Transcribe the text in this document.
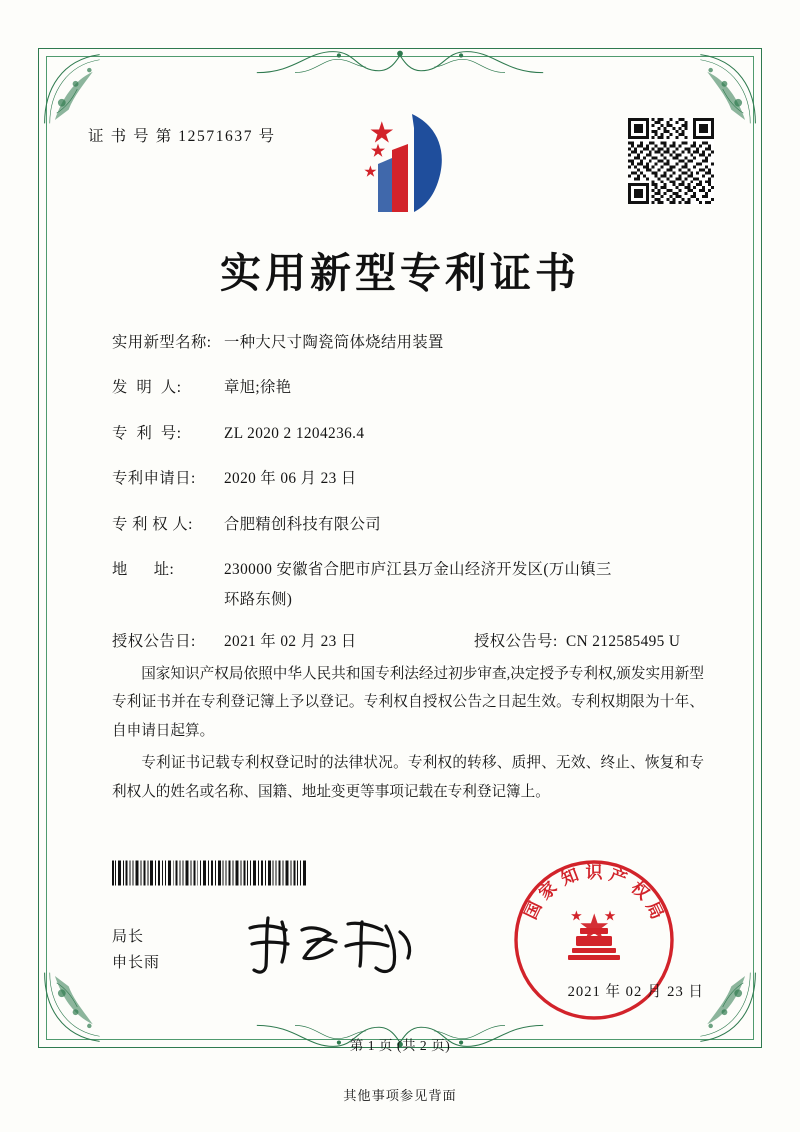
证 书 号 第 12571637 号
实用新型专利证书
实用新型名称: 一种大尺寸陶瓷筒体烧结用装置
发  明  人:	章旭;徐艳
专  利  号:	ZL 2020 2 1204236.4
专利申请日:	2020 年 06 月 23 日
专 利 权 人:	合肥精创科技有限公司
地      址:	230000 安徽省合肥市庐江县万金山经济开发区(万山镇三
环路东侧)
授权公告日:	2021 年 02 月 23 日	授权公告号: CN 212585495 U

国家知识产权局依照中华人民共和国专利法经过初步审查,决定授予专利权,颁发实用新型专利证书并在专利登记簿上予以登记。专利权自授权公告之日起生效。专利权期限为十年、自申请日起算。

专利证书记载专利权登记时的法律状况。专利权的转移、质押、无效、终止、恢复和专利权人的姓名或名称、国籍、地址变更等事项记载在专利登记簿上。

局长
申长雨
国
家
知 识 产
权
局
2021 年 02 月 23 日
第 1 页 (共 2 页)
其他事项参见背面
